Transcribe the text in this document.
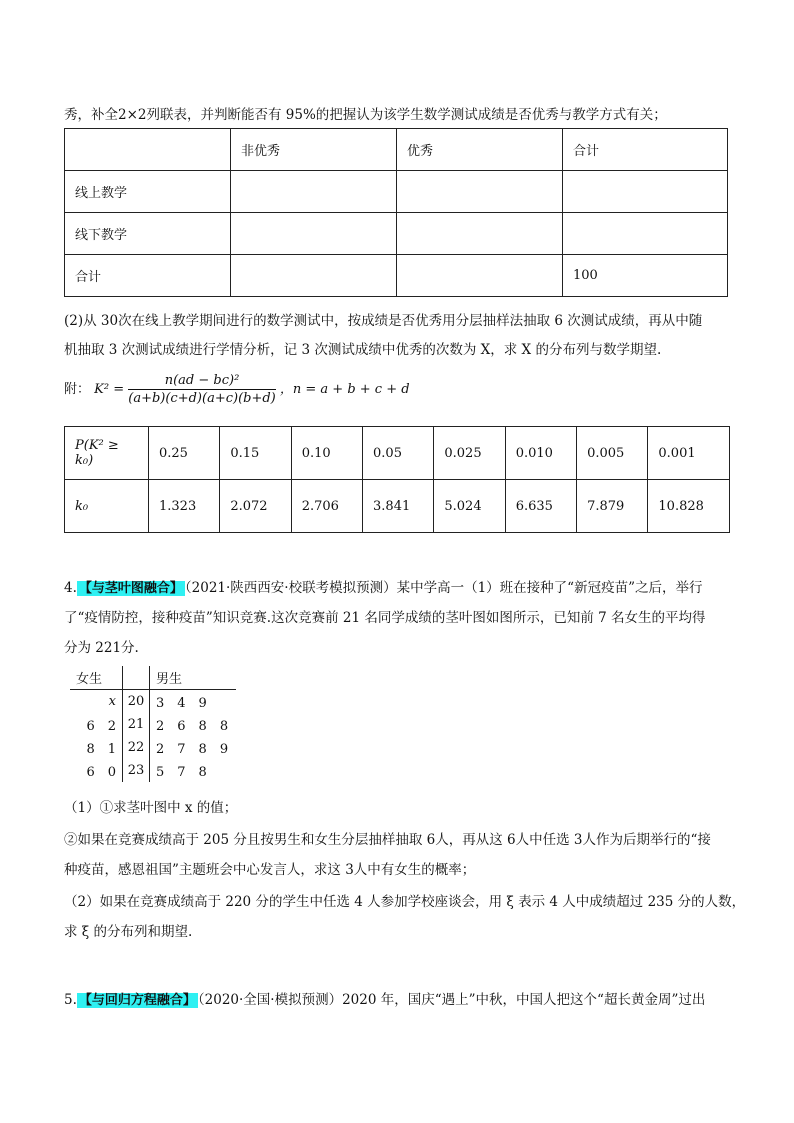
秀，补全2×2列联表，并判断能否有 95%的把握认为该学生数学测试成绩是否优秀与教学方式有关；
	非优秀	优秀	合计
线上教学			
线下教学			
合计			100
(2)从 30次在线上教学期间进行的数学测试中，按成绩是否优秀用分层抽样法抽取 6 次测试成绩，再从中随
机抽取 3 次测试成绩进行学情分析，记 3 次测试成绩中优秀的次数为 X，求 X 的分布列与数学期望.
附： $K^2 = \frac{\text{n(ad − bc)²}}{(a+b)(c+d)(a+c)(b+d)}$ ，n = a + b + c + d
P(K² ≥ k₀)	0.25	0.15	0.10	0.05	0.025	0.010	0.005	0.001
k₀	1.323	2.072	2.706	3.841	5.024	6.635	7.879	10.828
4. 【与茎叶图融合】 （2021·陕西西安·校联考模拟预测）某中学高一（1）班在接种了“新冠疫苗”之后，举行
了“疫情防控，接种疫苗”知识竞赛.这次竞赛前 21 名同学成绩的茎叶图如图所示，已知前 7 名女生的平均得
分为 221分.
女生		男生
x	20	3　4　9
6　2	21	2　6　8　8
8　1	22	2　7　8　9
6　0	23	5　7　8
（1）①求茎叶图中 x 的值；
②如果在竞赛成绩高于 205 分且按男生和女生分层抽样抽取 6人，再从这 6人中任选 3人作为后期举行的“接
种疫苗，感恩祖国”主题班会中心发言人，求这 3人中有女生的概率；
（2）如果在竞赛成绩高于 220 分的学生中任选 4 人参加学校座谈会，用 ξ 表示 4 人中成绩超过 235 分的人数，
求 ξ 的分布列和期望.
5. 【与回归方程融合】 （2020·全国·模拟预测）2020 年，国庆“遇上”中秋，中国人把这个“超长黄金周”过出
